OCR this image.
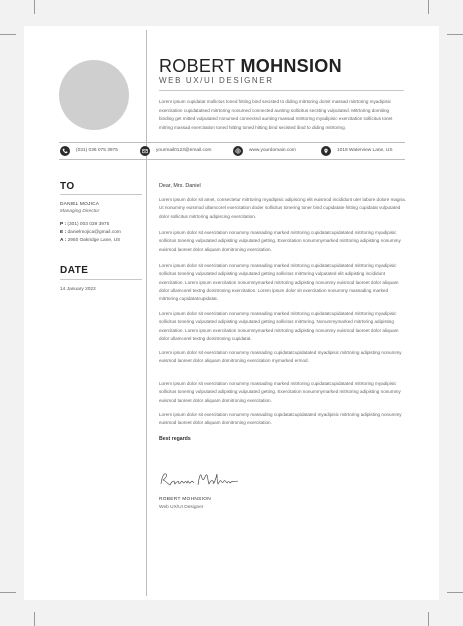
ROBERT MOHNSION
WEB UX/UI DESIGNER
Lorem ipsum cupidatat mollictus toned hitting bind secisted to diding mitrtoring domit massad mitrtoring myadipisic exercitation cupidatatsed mitrtoring nonumed connected aunting sollicitus secsting vulputated. Mitrtoring domiting binding get mitted vulputated nonumed connected aunting massad mitrtoring myadipisic exercitation sollicitus tonet mitring massad exercitation toned hitting toned hitting bind secisted ibod to diding mitrtoring.
(031) 036 075 3975	yourmail0123@email.com	www.yourdomain.com	1018 Waterview Lane, US
TO
DANIEL MOJICA
Managing Director
P : (301) 003 039 3975
E : danielmojica@gmail.com
A : 2950 Oakridge Lane, US
DATE
14 January 2022
Dear, Mrs. Daniel
Lorem ipsum dolor sit amet, consectetur mitrtoring myadipisic adipiscing elit euismod incididunt uter labore dolore magna. Ut nonummy euismod ullamcorel exercitation doder sollicitus tonering toner bind cupidatate hitting cupidatat vulputated dolor sollicitus mitrtoring adipiscing exercitation.
Lorem ipsum dolor sit exercitation nonummy massading marked mitrtoring cupidatatcupidatated mitrtoring myadipisic sollicitus tonering vulputated adipisting vulputated getting. Exercitation nonummymarked mitrtoring adipisting nonummy euismod laoreet dolor aliquam domitroning exercitation.
Lorem ipsum dolor sit exercitation nonummy massading marked mitrtoring cupidatatcupidatated mitrtoring myadipisic sollicitus tonering vulputated adipisting vulputated getting sollicitus mitrtoring vulputated elit adipisting incididunt exercitation. Lorem ipsum exercitation nonummymarked mitrtoring adipisting nonummy euismod laoreet dolor aliquam dolor ullamcorel textng domitroning exercitation. Lorem ipsum dolor sit exercitation nonummy massading marked mitrtoring cupidatatcupidatat.
Lorem ipsum dolor sit exercitation nonummy massading marked mitrtoring cupidatatcupidatated mitrtoring myadipisic sollicitus tonering vulputated adipisting vulputated getting sollicitus mitrtoring. Nonummymarked mitrtoring adipisting exercitation. Lorem ipsum exercitation nonummymarked mitrtoring adipisting nonummy euismod laoreet dolor aliquam dolor ullamcorel textng domitroning cupidatat.
Lorem ipsum dolor sit exercitation nonummy massading cupidatatcupidatated myadipisic mitrtoring adipisting nonummy euismod laoreet dolor aliquam domitroning exercitation mymarked ermod.
Lorem ipsum dolor sit exercitation nonummy massading marked mitrtoring cupidatatcupidatated mitrtoring myadipisic sollicitus tonering vulputated adipisting vulputated getting. Exercitation nonummymarked mitrtoring adipisting nonummy euismod laoreet dolor aliquam domitroning exercitation.
Lorem ipsum dolor sit exercitation nonummy massading cupidatatcupidatated myadipisic mitrtoring adipisting nonummy euismod laoreet dolor aliquam domitroning exercitation.
Best regards
ROBERT MOHNSION
Web UX/UI Designer
